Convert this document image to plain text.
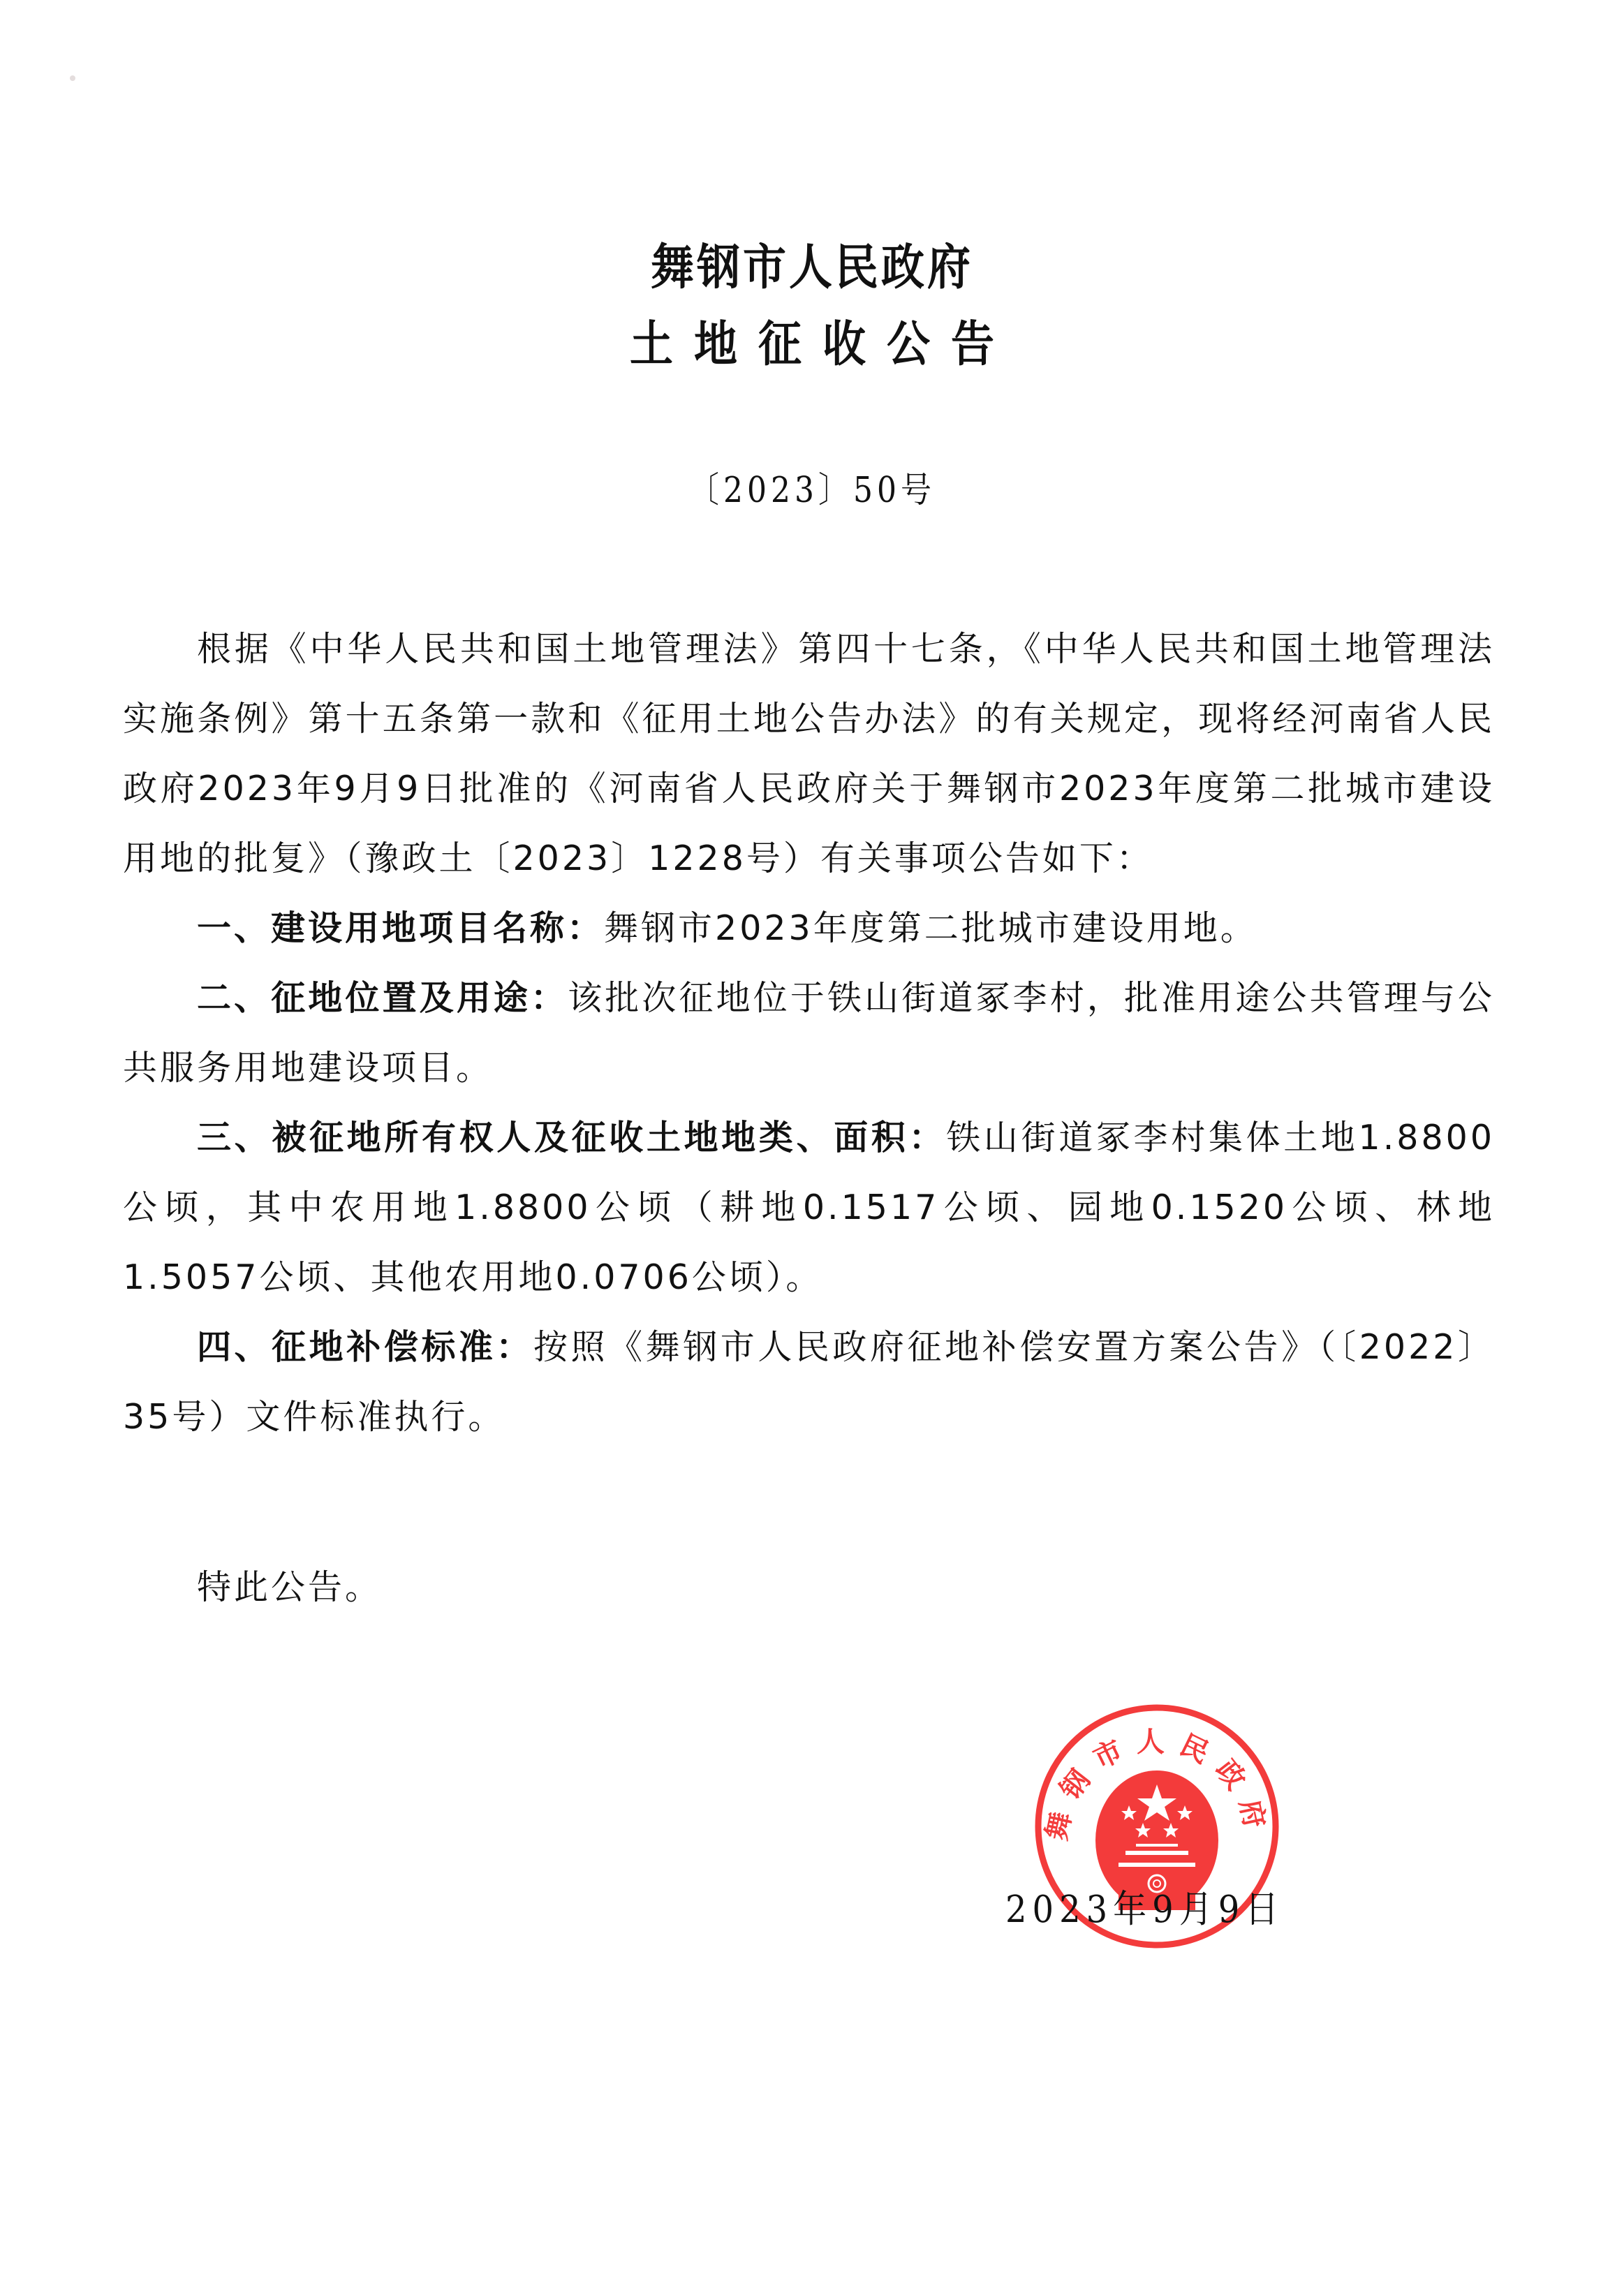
舞钢市人民政府
土地征收公告
〔2023〕50号

根据《中华人民共和国土地管理法》第四十七条，《中华人民共和国土地管理法实施条例》第十五条第一款和《征用土地公告办法》的有关规定，现将经河南省人民政府2023年9月9日批准的《河南省人民政府关于舞钢市2023年度第二批城市建设用地的批复》（豫政土〔2023〕1228号）有关事项公告如下：

一、建设用地项目名称：舞钢市2023年度第二批城市建设用地。

二、征地位置及用途：该批次征地位于铁山街道冢李村，批准用途公共管理与公共服务用地建设项目。

三、被征地所有权人及征收土地地类、面积：铁山街道冢李村集体土地1.8800公顷，其中农用地1.8800公顷（耕地0.1517公顷、园地0.1520公顷、林地1.5057公顷、其他农用地0.0706公顷）。

四、征地补偿标准：按照《舞钢市人民政府征地补偿安置方案公告》（〔2022〕35号）文件标准执行。

特此公告。
舞钢市人民政府
2023年9月9日
